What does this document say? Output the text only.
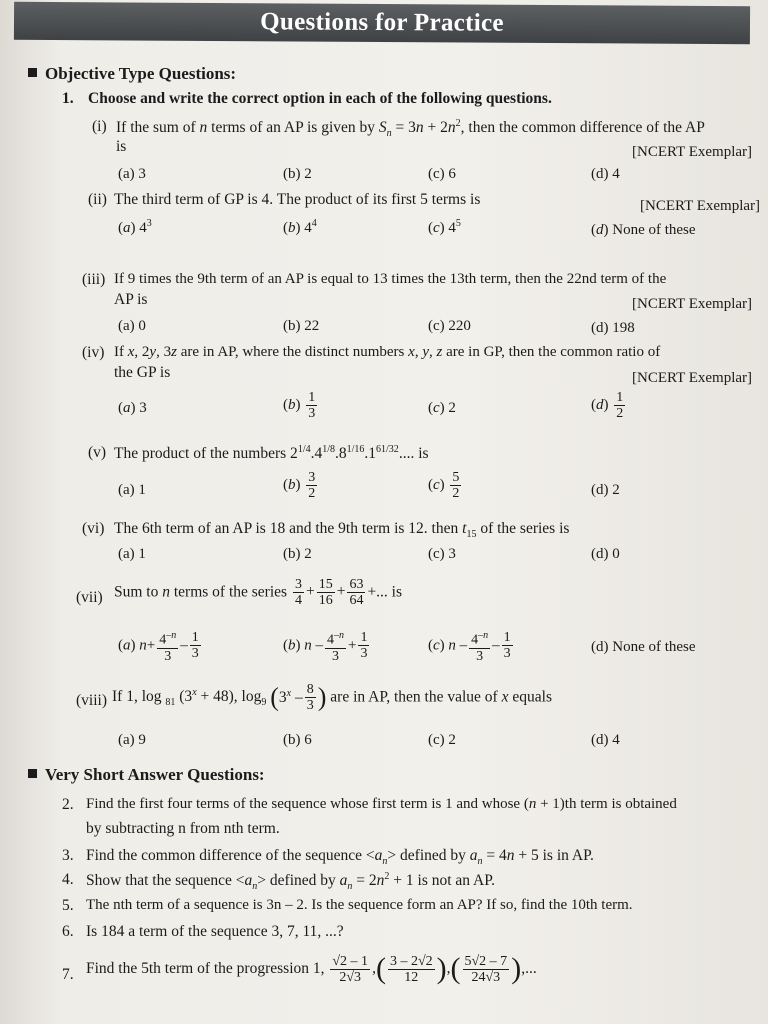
Questions for Practice
Objective Type Questions:
1. Choose and write the correct option in each of the following questions.
(i) If the sum of n terms of an AP is given by $S_n = 3n + 2n^2$, then the common difference of the AP
is	[NCERT Exemplar]
(a) 3	(b) 2	(c) 6	(d) 4
(ii) The third term of GP is 4. The product of its first 5 terms is	[NCERT Exemplar]
(a) $4^3$	(b) $4^4$	(c) $4^5$	(d) None of these
(iii) If 9 times the 9th term of an AP is equal to 13 times the 13th term, then the 22nd term of the
AP is	[NCERT Exemplar]
(a) 0	(b) 22	(c) 220	(d) 198
(iv) If x, 2y, 3z are in AP, where the distinct numbers x, y, z are in GP, then the common ratio of
the GP is	[NCERT Exemplar]
(a) 3	$(b) \frac{1}{3}$	(c) 2	$(d) \frac{1}{2}$
(v) The product of the numbers $2^{1/4}.4^{1/8}.8^{1/16}.1^{61/32}$.... is
(a) 1	$(b) \frac{3}{2}$	$(c) \frac{5}{2}$	(d) 2
(vi) The 6th term of an AP is 18 and the 9th term is 12. then $t_{15}$ of the series is
(a) 1	(b) 2	(c) 3	(d) 0
(vii) Sum to n terms of the series $\frac{3}{4} + \frac{15}{16} + \frac{63}{64}$ +... is
(a) $n+ \frac{4^{-n}}{3} - \frac{1}{3}$	(b) $n - \frac{4^{-n}}{3} + \frac{1}{3}$	(c) n – $\frac{4^{-n}}{3} - \frac{1}{3}$	(d) None of these
(viii) If 1, log $_{81}$ $(3^x + 48)$, $\log_9 (3^x - \frac{8}{3}$ ) are in AP, then the value of x equals
(a) 9	(b) 6	(c) 2	(d) 4
Very Short Answer Questions:
2. Find the first four terms of the sequence whose first term is 1 and whose (n + 1)th term is obtained
by subtracting n from nth term.
3. Find the common difference of the sequence $<a_n>$ defined by $a_n = 4n + 5$ is in AP.
4. Show that the sequence $<a_n>$ defined by $a_n = 2n^2 + 1$ is not an AP.
5. The nth term of a sequence is 3n – 2. Is the sequence form an AP? If so, find the 10th term.
6. Is 184 a term of the sequence 3, 7, 11, ...?
7. Find the 5th term of the progression 1, $\frac{√2 - 1}{2√3}$ ,( $\frac{3 - 2√2}{12}$ ),( $\frac{5√2 - 7}{24√3}$ ),...
